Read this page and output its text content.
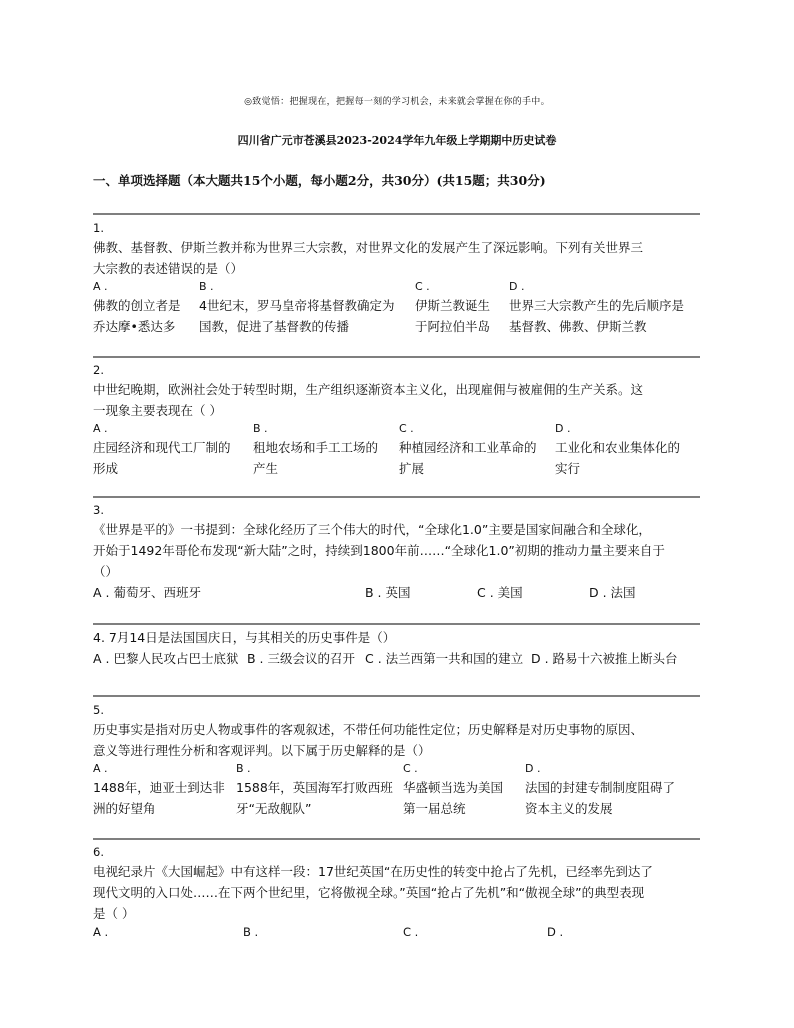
◎致觉悟：把握现在，把握每一刻的学习机会，未来就会掌握在你的手中。
四川省广元市苍溪县2023-2024学年九年级上学期期中历史试卷
一、单项选择题（本大题共15个小题，每小题2分，共30分）(共15题；共30分)
1.
佛教、基督教、伊斯兰教并称为世界三大宗教，对世界文化的发展产生了深远影响。下列有关世界三
大宗教的表述错误的是（）
A .
佛教的创立者是
乔达摩•悉达多
B .
4世纪末，罗马皇帝将基督教确定为
国教，促进了基督教的传播
C .
伊斯兰教诞生
于阿拉伯半岛
D .
世界三大宗教产生的先后顺序是
基督教、佛教、伊斯兰教
2.
中世纪晚期，欧洲社会处于转型时期，生产组织逐渐资本主义化，出现雇佣与被雇佣的生产关系。这
一现象主要表现在（ ）
A .
庄园经济和现代工厂制的
形成
B .
租地农场和手工工场的
产生
C .
种植园经济和工业革命的
扩展
D .
工业化和农业集体化的
实行
3.
《世界是平的》一书提到：全球化经历了三个伟大的时代，“全球化1.0”主要是国家间融合和全球化，
开始于1492年哥伦布发现“新大陆”之时，持续到1800年前……“全球化1.0”初期的推动力量主要来自于
（）
A . 葡萄牙、西班牙	B . 英国	C . 美国	D . 法国
4. 7月14日是法国国庆日，与其相关的历史事件是（）
A . 巴黎人民攻占巴士底狱 B . 三级会议的召开 C . 法兰西第一共和国的建立 D . 路易十六被推上断头台
5.
历史事实是指对历史人物或事件的客观叙述，不带任何功能性定位；历史解释是对历史事物的原因、
意义等进行理性分析和客观评判。以下属于历史解释的是（）
A .
1488年，迪亚士到达非
洲的好望角
B .
1588年，英国海军打败西班
牙“无敌舰队”
C .
华盛顿当选为美国
第一届总统
D .
法国的封建专制制度阻碍了
资本主义的发展
6.
电视纪录片《大国崛起》中有这样一段：17世纪英国“在历史性的转变中抢占了先机，已经率先到达了
现代文明的入口处……在下两个世纪里，它将傲视全球。”英国“抢占了先机”和“傲视全球”的典型表现
是（ ）
A .	B .	C .	D .
